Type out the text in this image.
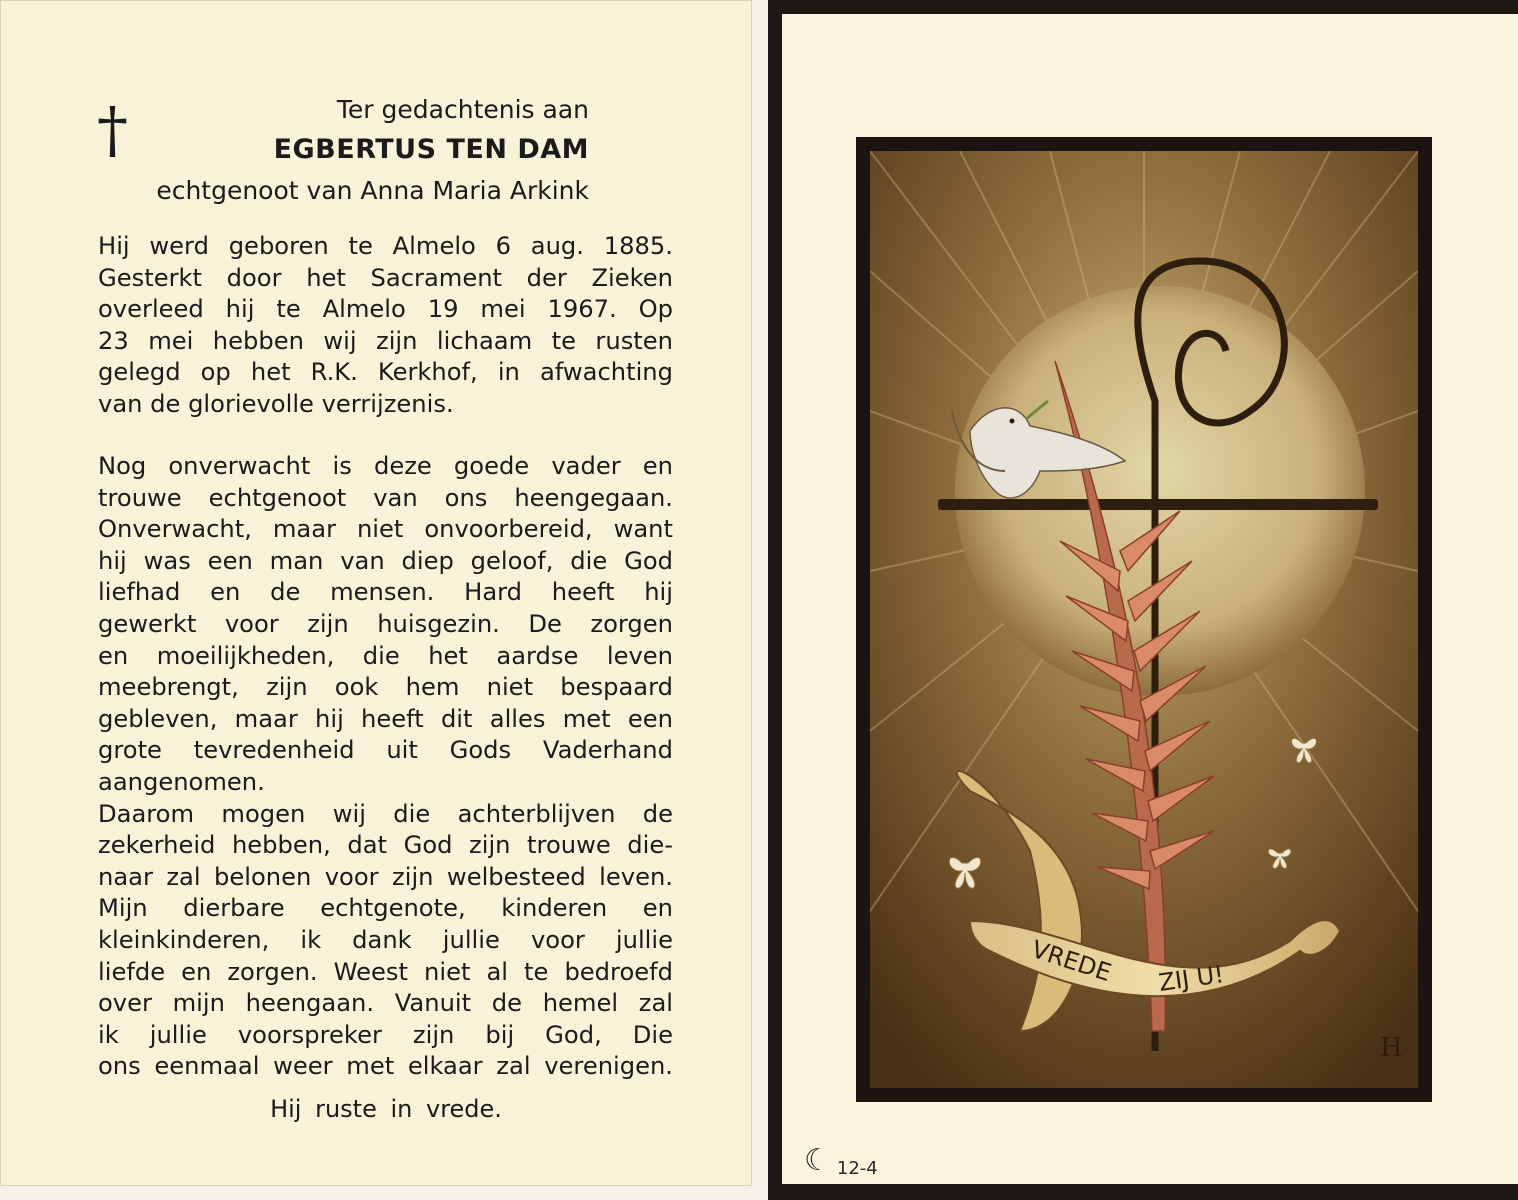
†	Ter gedachtenis aan
EGBERTUS TEN DAM
echtgenoot van Anna Maria Arkink
Hij werd geboren te Almelo 6 aug. 1885.
Gesterkt door het Sacrament der Zieken
overleed hij te Almelo 19 mei 1967. Op
23 mei hebben wij zijn lichaam te rusten
gelegd op het R.K. Kerkhof, in afwachting
van de glorievolle verrijzenis.
Nog onverwacht is deze goede vader en
trouwe echtgenoot van ons heengegaan.
Onverwacht, maar niet onvoorbereid, want
hij was een man van diep geloof, die God
liefhad en de mensen. Hard heeft hij
gewerkt voor zijn huisgezin. De zorgen
en moeilijkheden, die het aardse leven
meebrengt, zijn ook hem niet bespaard
gebleven, maar hij heeft dit alles met een
grote tevredenheid uit Gods Vaderhand
aangenomen.
Daarom mogen wij die achterblijven de
zekerheid hebben, dat God zijn trouwe die-
naar zal belonen voor zijn welbesteed leven.
Mijn dierbare echtgenote, kinderen en
kleinkinderen, ik dank jullie voor jullie
liefde en zorgen. Weest niet al te bedroefd
over mijn heengaan. Vanuit de hemel zal
ik jullie voorspreker zijn bij God, Die
ons eenmaal weer met elkaar zal verenigen.
Hij ruste in vrede.
VREDE ZIJ U!
H
☾ 12-4
